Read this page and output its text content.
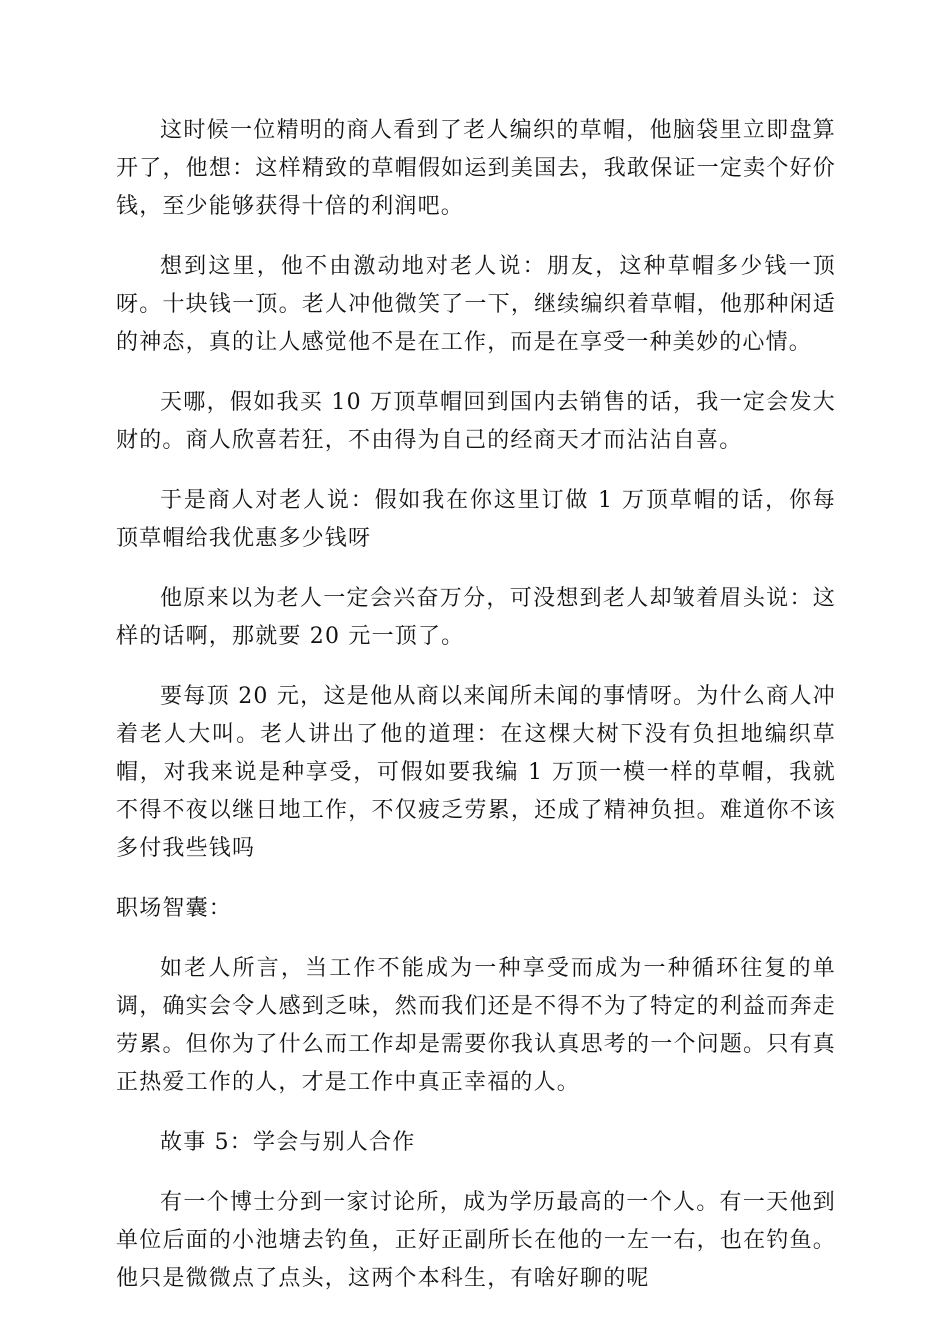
这时候一位精明的商人看到了老人编织的草帽，他脑袋里立即盘算开了，他想：这样精致的草帽假如运到美国去，我敢保证一定卖个好价钱，至少能够获得十倍的利润吧。

想到这里，他不由激动地对老人说：朋友，这种草帽多少钱一顶呀。十块钱一顶。老人冲他微笑了一下，继续编织着草帽，他那种闲适的神态，真的让人感觉他不是在工作，而是在享受一种美妙的心情。

天哪，假如我买 10 万顶草帽回到国内去销售的话，我一定会发大财的。商人欣喜若狂，不由得为自己的经商天才而沾沾自喜。

于是商人对老人说：假如我在你这里订做 1 万顶草帽的话，你每顶草帽给我优惠多少钱呀

他原来以为老人一定会兴奋万分，可没想到老人却皱着眉头说：这样的话啊，那就要 20 元一顶了。

要每顶 20 元，这是他从商以来闻所未闻的事情呀。为什么商人冲着老人大叫。老人讲出了他的道理：在这棵大树下没有负担地编织草帽，对我来说是种享受，可假如要我编 1 万顶一模一样的草帽，我就不得不夜以继日地工作，不仅疲乏劳累，还成了精神负担。难道你不该多付我些钱吗

职场智囊：

如老人所言，当工作不能成为一种享受而成为一种循环往复的单调，确实会令人感到乏味，然而我们还是不得不为了特定的利益而奔走劳累。但你为了什么而工作却是需要你我认真思考的一个问题。只有真正热爱工作的人，才是工作中真正幸福的人。

故事 5：学会与别人合作

有一个博士分到一家讨论所，成为学历最高的一个人。有一天他到单位后面的小池塘去钓鱼，正好正副所长在他的一左一右，也在钓鱼。他只是微微点了点头，这两个本科生，有啥好聊的呢
